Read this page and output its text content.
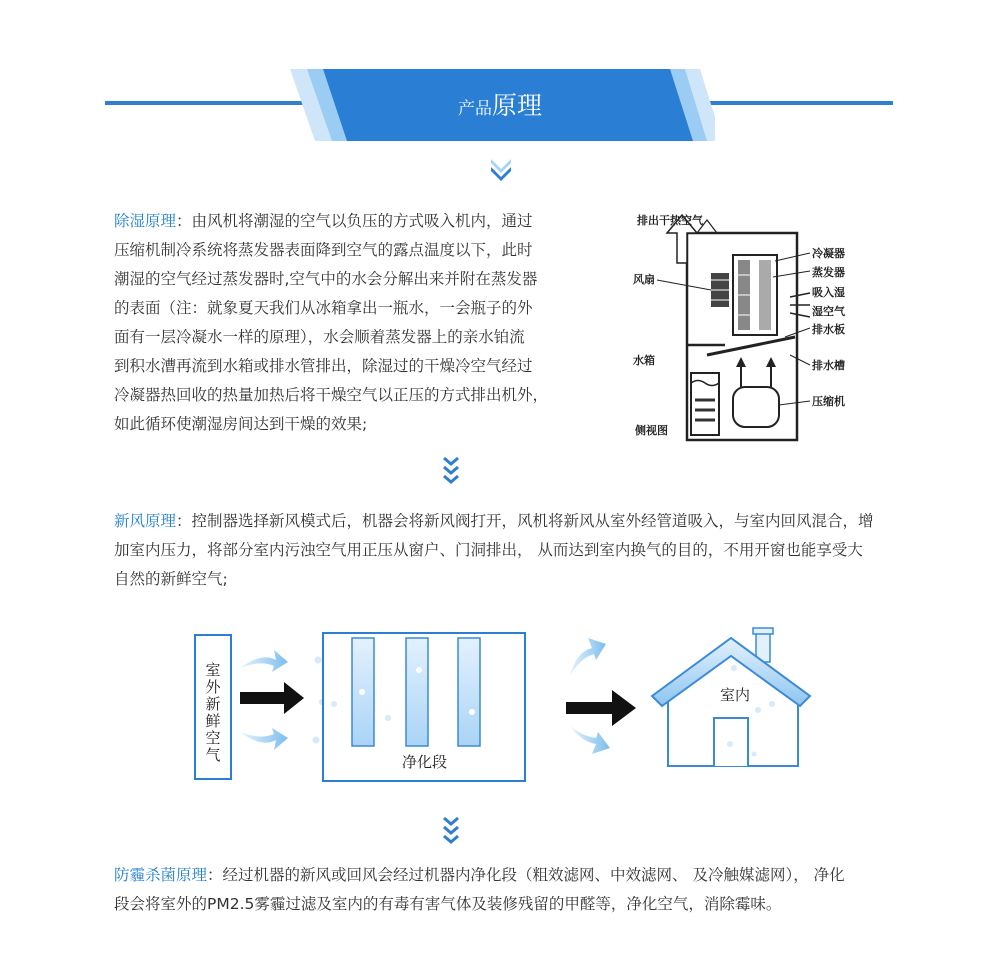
产品原理
除湿原理：由风机将潮湿的空气以负压的方式吸入机内，通过
压缩机制冷系统将蒸发器表面降到空气的露点温度以下，此时
潮湿的空气经过蒸发器时,空气中的水会分解出来并附在蒸发器
的表面（注：就象夏天我们从冰箱拿出一瓶水，一会瓶子的外
面有一层冷凝水一样的原理），水会顺着蒸发器上的亲水铂流
到积水漕再流到水箱或排水管排出，除湿过的干燥冷空气经过
冷凝器热回收的热量加热后将干燥空气以正压的方式排出机外，
如此循环使潮湿房间达到干燥的效果;
排出干热空气
风扇
冷凝器
蒸发器
吸入湿
湿空气
排水板
水箱	排水槽
压缩机
侧视图
新风原理：控制器选择新风模式后，机器会将新风阀打开，风机将新风从室外经管道吸入，与室内回风混合，增
加室内压力，将部分室内污浊空气用正压从窗户、门洞排出， 从而达到室内换气的目的，不用开窗也能享受大
自然的新鲜空气;
室
外
新
鲜
空
气	净化段
室内
防霾杀菌原理：经过机器的新风或回风会经过机器内净化段（粗效滤网、中效滤网、 及冷触媒滤网）， 净化
段会将室外的PM2.5雾霾过滤及室内的有毒有害气体及装修残留的甲醛等，净化空气，消除霉味。
